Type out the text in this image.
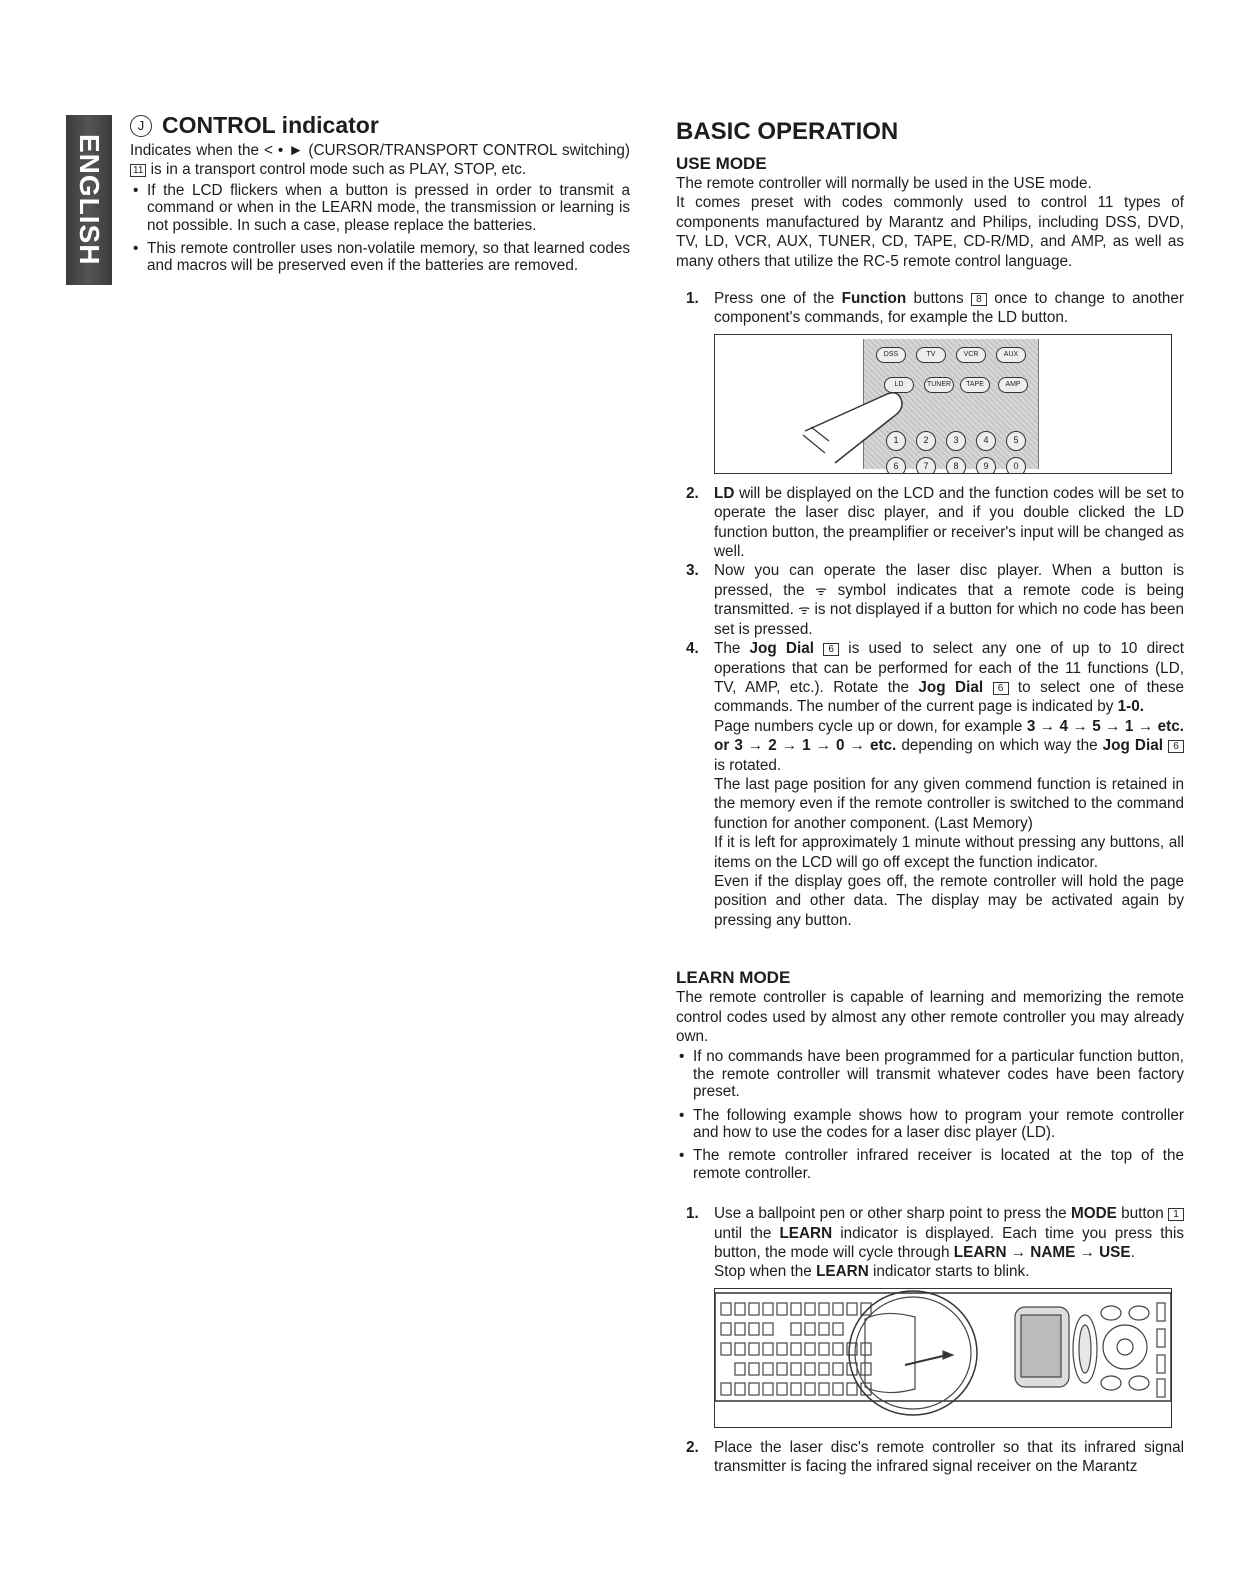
ENGLISH
J CONTROL indicator

Indicates when the < • ► (CURSOR/TRANSPORT CONTROL switching) 11 is in a transport control mode such as PLAY, STOP, etc.

• If the LCD flickers when a button is pressed in order to transmit a command or when in the LEARN mode, the transmission or learning is not possible. In such a case, please replace the batteries.
• This remote controller uses non-volatile memory, so that learned codes and macros will be preserved even if the batteries are removed.
BASIC OPERATION
USE MODE

The remote controller will normally be used in the USE mode.

It comes preset with codes commonly used to control 11 types of components manufactured by Marantz and Philips, including DSS, DVD, TV, LD, VCR, AUX, TUNER, CD, TAPE, CD-R/MD, and AMP, as well as many others that utilize the RC-5 remote control language.

1. Press one of the Function buttons 8 once to change to another component's commands, for example the LD button.
DSS	TV	VCR	AUX
LD	TUNER	TAPE	AMP
1	2	3	4	5
6	7	8	9	0
2. LD will be displayed on the LCD and the function codes will be set to operate the laser disc player, and if you double clicked the LD function button, the preamplifier or receiver's input will be changed as well.
3. Now you can operate the laser disc player. When a button is pressed, the ᯤ symbol indicates that a remote code is being transmitted. ᯤ is not displayed if a button for which no code has been set is pressed.
4. The Jog Dial 6 is used to select any one of up to 10 direct operations that can be performed for each of the 11 functions (LD, TV, AMP, etc.). Rotate the Jog Dial 6 to select one of these commands. The number of the current page is indicated by 1-0.
Page numbers cycle up or down, for example 3 → 4 → 5 → 1 → etc. or 3 → 2 → 1 → 0 → etc. depending on which way the Jog Dial 6 is rotated.
The last page position for any given commend function is retained in the memory even if the remote controller is switched to the command function for another component. (Last Memory)
If it is left for approximately 1 minute without pressing any buttons, all items on the LCD will go off except the function indicator.
Even if the display goes off, the remote controller will hold the page position and other data. The display may be activated again by pressing any button.
LEARN MODE

The remote controller is capable of learning and memorizing the remote control codes used by almost any other remote controller you may already own.

• If no commands have been programmed for a particular function button, the remote controller will transmit whatever codes have been factory preset.
• The following example shows how to program your remote controller and how to use the codes for a laser disc player (LD).
• The remote controller infrared receiver is located at the top of the remote controller.
1. Use a ballpoint pen or other sharp point to press the MODE button 1 until the LEARN indicator is displayed. Each time you press this button, the mode will cycle through LEARN → NAME → USE.
Stop when the LEARN indicator starts to blink.
2. Place the laser disc's remote controller so that its infrared signal transmitter is facing the infrared signal receiver on the Marantz
